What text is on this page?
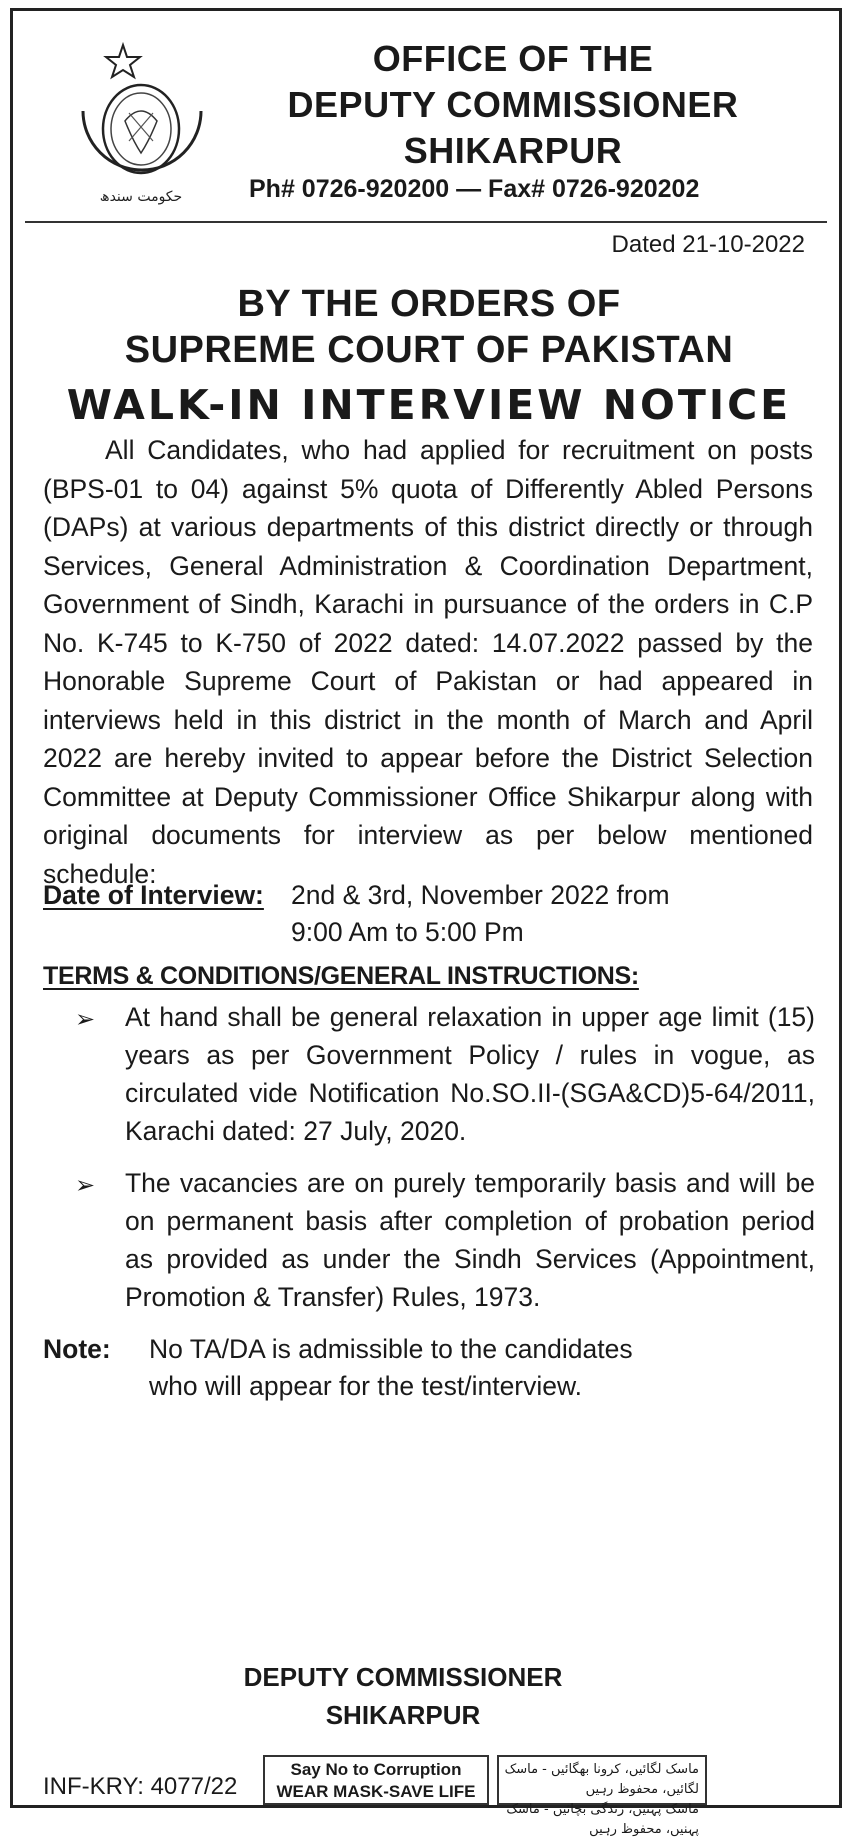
حکومت سندھ
OFFICE OF THE
DEPUTY COMMISSIONER
SHIKARPUR
Ph# 0726-920200 — Fax# 0726-920202
Dated 21-10-2022
BY THE ORDERS OF
SUPREME COURT OF PAKISTAN
WALK-IN INTERVIEW NOTICE

All Candidates, who had applied for recruitment on posts (BPS-01 to 04) against 5% quota of Differently Abled Persons (DAPs) at various departments of this district directly or through Services, General Administration & Coordination Department, Government of Sindh, Karachi in pursuance of the orders in C.P No. K-745 to K-750 of 2022 dated: 14.07.2022 passed by the Honorable Supreme Court of Pakistan or had appeared in interviews held in this district in the month of March and April 2022 are hereby invited to appear before the District Selection Committee at Deputy Commissioner Office Shikarpur along with original documents for interview as per below mentioned schedule:

Date of Interview: 2nd & 3rd, November 2022 from
9:00 Am to 5:00 Pm
TERMS & CONDITIONS/GENERAL INSTRUCTIONS:
➢	At hand shall be general relaxation in upper age limit (15) years as per Government Policy / rules in vogue, as circulated vide Notification No.SO.II-(SGA&CD)5-64/2011, Karachi dated: 27 July, 2020.

➢	The vacancies are on purely temporarily basis and will be on permanent basis after completion of probation period as provided as under the Sindh Services (Appointment, Promotion & Transfer) Rules, 1973.

Note: No TA/DA is admissible to the candidates
who will appear for the test/interview.
DEPUTY COMMISSIONER
SHIKARPUR
INF-KRY: 4077/22
Say No to Corruption
WEAR MASK-SAVE LIFE
ماسک لگائیں، کرونا بھگائیں - ماسک لگائیں، محفوظ رہیں
ماسک پہنیں، زندگی بچائیں - ماسک پہنیں، محفوظ رہیں
